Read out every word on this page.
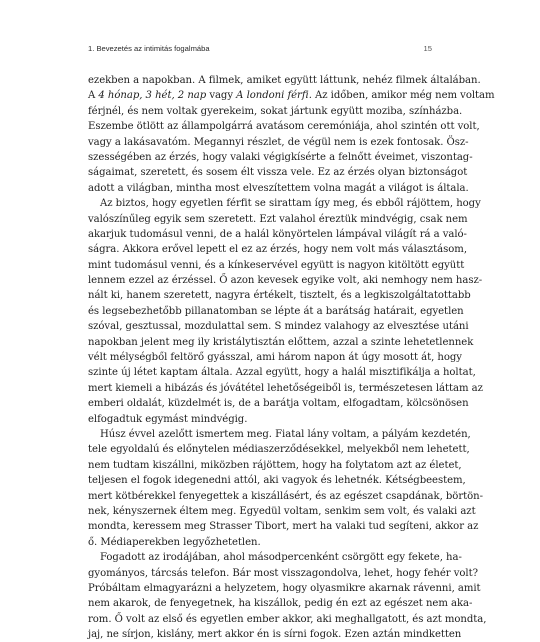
1. Bevezetés az intimitás fogalmába	15
ezekben a napokban. A filmek, amiket együtt láttunk, nehéz filmek általában.
A 4 hónap, 3 hét, 2 nap vagy A londoni férfi. Az időben, amikor még nem voltam
férjnél, és nem voltak gyerekeim, sokat jártunk együtt moziba, színházba.
Eszembe ötlött az állampolgárrá avatásom ceremóniája, ahol szintén ott volt,
vagy a lakásavatóm. Megannyi részlet, de végül nem is ezek fontosak. Ösz-
szességében az érzés, hogy valaki végigkísérte a felnőtt éveimet, viszontag-
ságaimat, szeretett, és sosem élt vissza vele. Ez az érzés olyan biztonságot
adott a világban, mintha most elveszítettem volna magát a világot is általa.
Az biztos, hogy egyetlen férfit se sirattam így meg, és ebből rájöttem, hogy
valószínűleg egyik sem szeretett. Ezt valahol éreztük mindvégig, csak nem
akarjuk tudomásul venni, de a halál könyörtelen lámpával világít rá a való-
ságra. Akkora erővel lepett el ez az érzés, hogy nem volt más választásom,
mint tudomásul venni, és a kínkeservével együtt is nagyon kitöltött együtt
lennem ezzel az érzéssel. Ő azon kevesek egyike volt, aki nemhogy nem hasz-
nált ki, hanem szeretett, nagyra értékelt, tisztelt, és a legkiszolgáltatottabb
és legsebezhetőbb pillanatomban se lépte át a barátság határait, egyetlen
szóval, gesztussal, mozdulattal sem. S mindez valahogy az elvesztése utáni
napokban jelent meg ily kristálytisztán előttem, azzal a szinte lehetetlennek
vélt mélységből feltörő gyásszal, ami három napon át úgy mosott át, hogy
szinte új létet kaptam általa. Azzal együtt, hogy a halál misztifikálja a holtat,
mert kiemeli a hibázás és jóvátétel lehetőségeiből is, természetesen láttam az
emberi oldalát, küzdelmét is, de a barátja voltam, elfogadtam, kölcsönösen
elfogadtuk egymást mindvégig.
Húsz évvel azelőtt ismertem meg. Fiatal lány voltam, a pályám kezdetén,
tele egyoldalú és előnytelen médiaszerződésekkel, melyekből nem lehetett,
nem tudtam kiszállni, miközben rájöttem, hogy ha folytatom azt az életet,
teljesen el fogok idegenedni attól, aki vagyok és lehetnék. Kétségbeestem,
mert kötbérekkel fenyegettek a kiszállásért, és az egészet csapdának, börtön-
nek, kényszernek éltem meg. Egyedül voltam, senkim sem volt, és valaki azt
mondta, keressem meg Strasser Tibort, mert ha valaki tud segíteni, akkor az
ő. Médiaperekben legyőzhetetlen.
Fogadott az irodájában, ahol másodpercenként csörgött egy fekete, ha-
gyományos, tárcsás telefon. Bár most visszagondolva, lehet, hogy fehér volt?
Próbáltam elmagyarázni a helyzetem, hogy olyasmikre akarnak rávenni, amit
nem akarok, de fenyegetnek, ha kiszállok, pedig én ezt az egészet nem aka-
rom. Ő volt az első és egyetlen ember akkor, aki meghallgatott, és azt mondta,
jaj, ne sírjon, kislány, mert akkor én is sírni fogok. Ezen aztán mindketten
